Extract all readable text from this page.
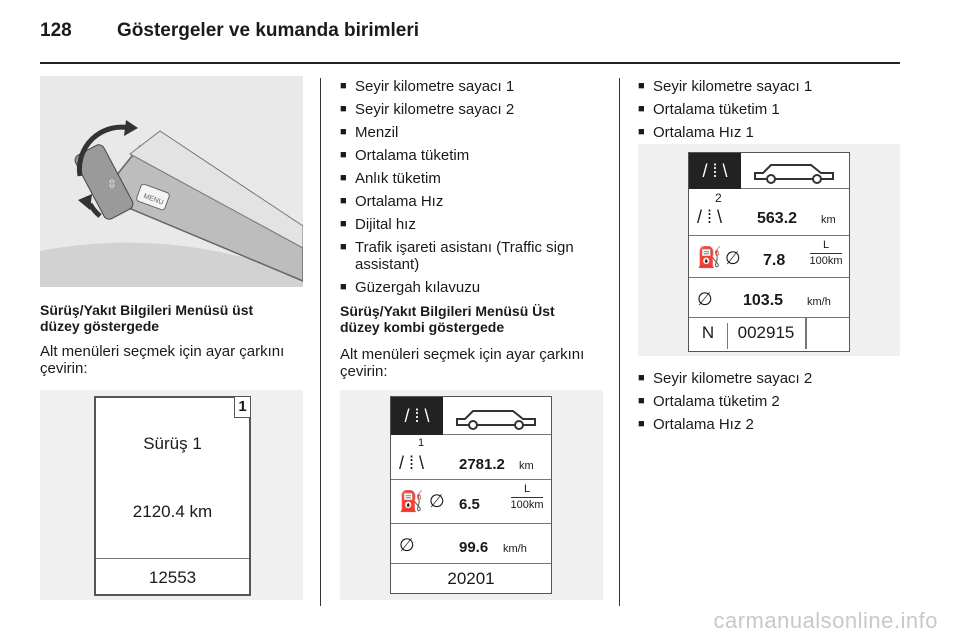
128 Göstergeler ve kumanda birimleri
MENU
⇳
Sürüş/Yakıt Bilgileri Menüsü üst düzey göstergede
Alt menüleri seçmek için ayar çarkını çevirin:
1
Sürüş 1
2120.4 km
12553
■ Seyir kilometre sayacı 1
■ Seyir kilometre sayacı 2
■ Menzil
■ Ortalama tüketim
■ Anlık tüketim
■ Ortalama Hız
■ Dijital hız
■ Trafik işareti asistanı (Traffic sign assistant)
■ Güzergah kılavuzu
Sürüş/Yakıt Bilgileri Menüsü Üst düzey kombi göstergede
Alt menüleri seçmek için ayar çarkını çevirin:
/ ⁞ \
1
/ ⁞ \ 2781.2 km
⛽ ∅ 6.5
L
100km
∅	99.6 km/h
20201
■ Seyir kilometre sayacı 1
■ Ortalama tüketim 1
■ Ortalama Hız 1
/ ⁞ \
2
/ ⁞ \ 563.2 km
⛽ ∅ 7.8
L
100km
∅ 103.5 km/h
N	002915
■ Seyir kilometre sayacı 2
■ Ortalama tüketim 2
■ Ortalama Hız 2
carmanualsonline.info
